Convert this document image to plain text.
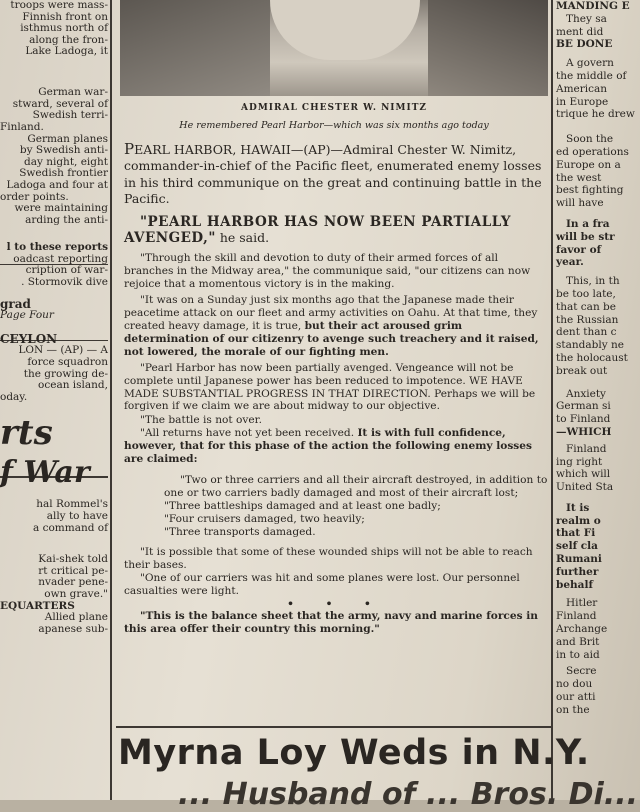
troops were mass-
Finnish front on
isthmus north of
along the fron-
Lake Ladoga, it
German war-
stward, several of
Swedish terri-
Finland.
German planes
by Swedish anti-
day night, eight
Swedish frontier
Ladoga and four at
order points.
were maintaining
arding the anti-
l to these reports
oadcast reporting
cription of war-
. Stormovik dive
grad
Page Four
CEYLON
LON — (AP) — A
force squadron
the growing de-
ocean island,
oday.
rts
f War
hal Rommel's
ally to have
a command of
Kai-shek told
rt critical pe-
nvader pene-
own grave."
EQUARTERS
Allied plane
apanese sub-
ADMIRAL CHESTER W. NIMITZ
He remembered Pearl Harbor—which was six months ago today
PEARL HARBOR, HAWAII—(AP)—Admiral Chester W. Nimitz, commander-in-chief of the Pacific fleet, enumerated enemy losses in his third communique on the great and continuing battle in the Pacific.
"PEARL HARBOR HAS NOW BEEN PARTIALLY AVENGED," he said.
"Through the skill and devotion to duty of their armed forces of all branches in the Midway area," the communique said, "our citizens can now rejoice that a momentous victory is in the making.
"It was on a Sunday just six months ago that the Japanese made their peacetime attack on our fleet and army activities on Oahu. At that time, they created heavy damage, it is true, but their act aroused grim determination of our citizenry to avenge such treachery and it raised, not lowered, the morale of our fighting men.
"Pearl Harbor has now been partially avenged. Vengeance will not be complete until Japanese power has been reduced to impotence. WE HAVE MADE SUBSTANTIAL PROGRESS IN THAT DIRECTION. Perhaps we will be forgiven if we claim we are about midway to our objective.
"The battle is not over.
"All returns have not yet been received. It is with full confidence, however, that for this phase of the action the following enemy losses are claimed:
"Two or three carriers and all their aircraft destroyed, in addition to one or two carriers badly damaged and most of their aircraft lost;
"Three battleships damaged and at least one badly;
"Four cruisers damaged, two heavily;
"Three transports damaged.
"It is possible that some of these wounded ships will not be able to reach their bases.
"One of our carriers was hit and some planes were lost. Our personnel casualties were light.
• • •
"This is the balance sheet that the army, navy and marine forces in this area offer their country this morning."
Myrna Loy Weds in N.Y.
... Husband of ... Bros. Di...
MANDING E
They sa
ment did
BE DONE
A govern
the middle of
American
in Europe
trique he drew
Soon the
ed operations
Europe on a
the west
best fighting
will have
In a fra
will be str
favor of
year.
This, in th
be too late,
that can be
the Russian
dent than c
standably ne
the holocaust
break out
Anxiety
German si
to Finland
—WHICH
Finland
ing right
which will
United Sta
It is
realm o
that Fi
self cla
Rumani
further
behalf
Hitler
Finland
Archange
and Brit
in to aid
Secre
no dou
our atti
on the
